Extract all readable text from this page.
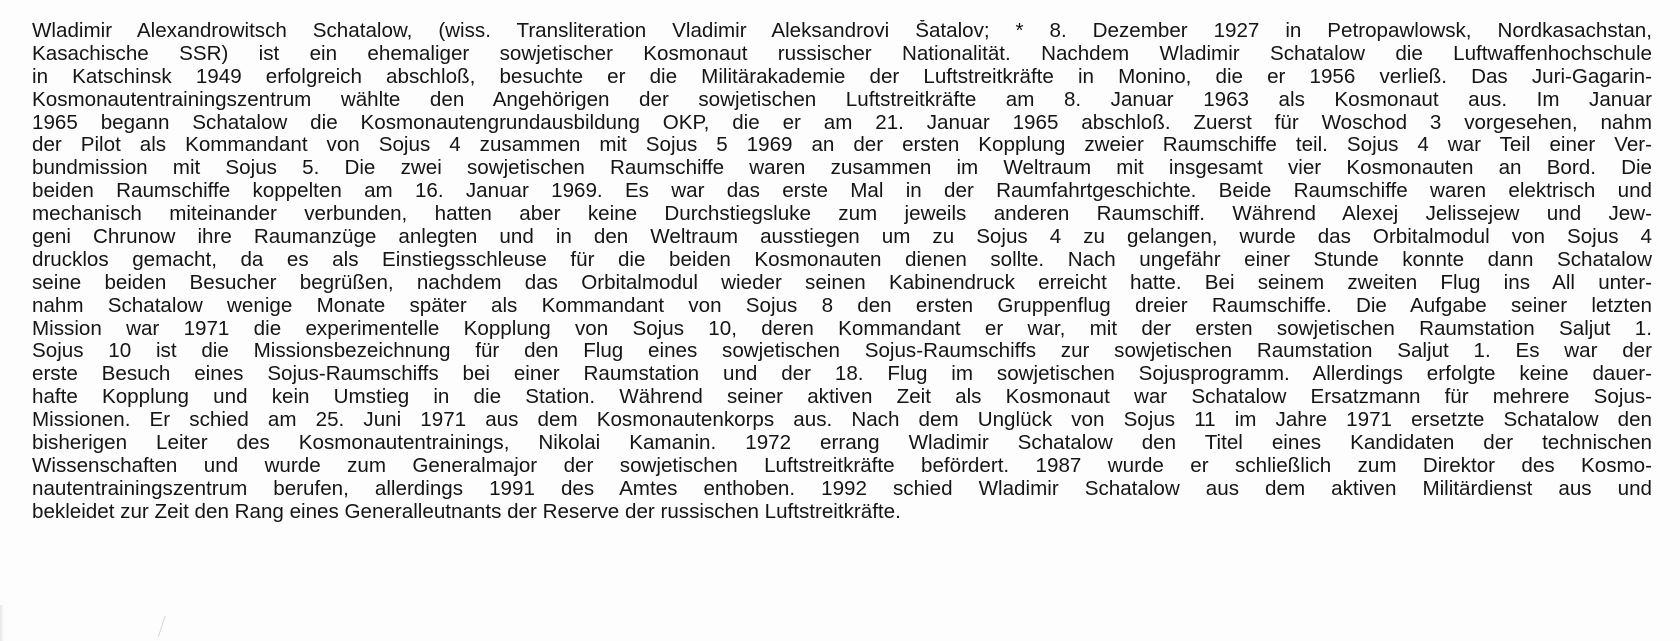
Wladimir Alexandrowitsch Schatalow, (wiss. Transliteration Vladimir Aleksandrovi Šatalov; * 8. Dezember 1927 in Petropawlowsk, Nordkasachstan,
Kasachische SSR) ist ein ehemaliger sowjetischer Kosmonaut russischer Nationalität. Nachdem Wladimir Schatalow die Luftwaffenhochschule
in Katschinsk 1949 erfolgreich abschloß, besuchte er die Militärakademie der Luftstreitkräfte in Monino, die er 1956 verließ. Das Juri-Gagarin-
Kosmonautentrainingszentrum wählte den Angehörigen der sowjetischen Luftstreitkräfte am 8. Januar 1963 als Kosmonaut aus. Im Januar
1965 begann Schatalow die Kosmonautengrundausbildung OKP, die er am 21. Januar 1965 abschloß. Zuerst für Woschod 3 vorgesehen, nahm
der Pilot als Kommandant von Sojus 4 zusammen mit Sojus 5 1969 an der ersten Kopplung zweier Raumschiffe teil. Sojus 4 war Teil einer Ver-
bundmission mit Sojus 5. Die zwei sowjetischen Raumschiffe waren zusammen im Weltraum mit insgesamt vier Kosmonauten an Bord. Die
beiden Raumschiffe koppelten am 16. Januar 1969. Es war das erste Mal in der Raumfahrtgeschichte. Beide Raumschiffe waren elektrisch und
mechanisch miteinander verbunden, hatten aber keine Durchstiegsluke zum jeweils anderen Raumschiff. Während Alexej Jelissejew und Jew-
geni Chrunow ihre Raumanzüge anlegten und in den Weltraum ausstiegen um zu Sojus 4 zu gelangen, wurde das Orbitalmodul von Sojus 4
drucklos gemacht, da es als Einstiegsschleuse für die beiden Kosmonauten dienen sollte. Nach ungefähr einer Stunde konnte dann Schatalow
seine beiden Besucher begrüßen, nachdem das Orbitalmodul wieder seinen Kabinendruck erreicht hatte. Bei seinem zweiten Flug ins All unter-
nahm Schatalow wenige Monate später als Kommandant von Sojus 8 den ersten Gruppenflug dreier Raumschiffe. Die Aufgabe seiner letzten
Mission war 1971 die experimentelle Kopplung von Sojus 10, deren Kommandant er war, mit der ersten sowjetischen Raumstation Saljut 1.
Sojus 10 ist die Missionsbezeichnung für den Flug eines sowjetischen Sojus-Raumschiffs zur sowjetischen Raumstation Saljut 1. Es war der
erste Besuch eines Sojus-Raumschiffs bei einer Raumstation und der 18. Flug im sowjetischen Sojusprogramm. Allerdings erfolgte keine dauer-
hafte Kopplung und kein Umstieg in die Station. Während seiner aktiven Zeit als Kosmonaut war Schatalow Ersatzmann für mehrere Sojus-
Missionen. Er schied am 25. Juni 1971 aus dem Kosmonautenkorps aus. Nach dem Unglück von Sojus 11 im Jahre 1971 ersetzte Schatalow den
bisherigen Leiter des Kosmonautentrainings, Nikolai Kamanin. 1972 errang Wladimir Schatalow den Titel eines Kandidaten der technischen
Wissenschaften und wurde zum Generalmajor der sowjetischen Luftstreitkräfte befördert. 1987 wurde er schließlich zum Direktor des Kosmo-
nautentrainingszentrum berufen, allerdings 1991 des Amtes enthoben. 1992 schied Wladimir Schatalow aus dem aktiven Militärdienst aus und
bekleidet zur Zeit den Rang eines Generalleutnants der Reserve der russischen Luftstreitkräfte.
